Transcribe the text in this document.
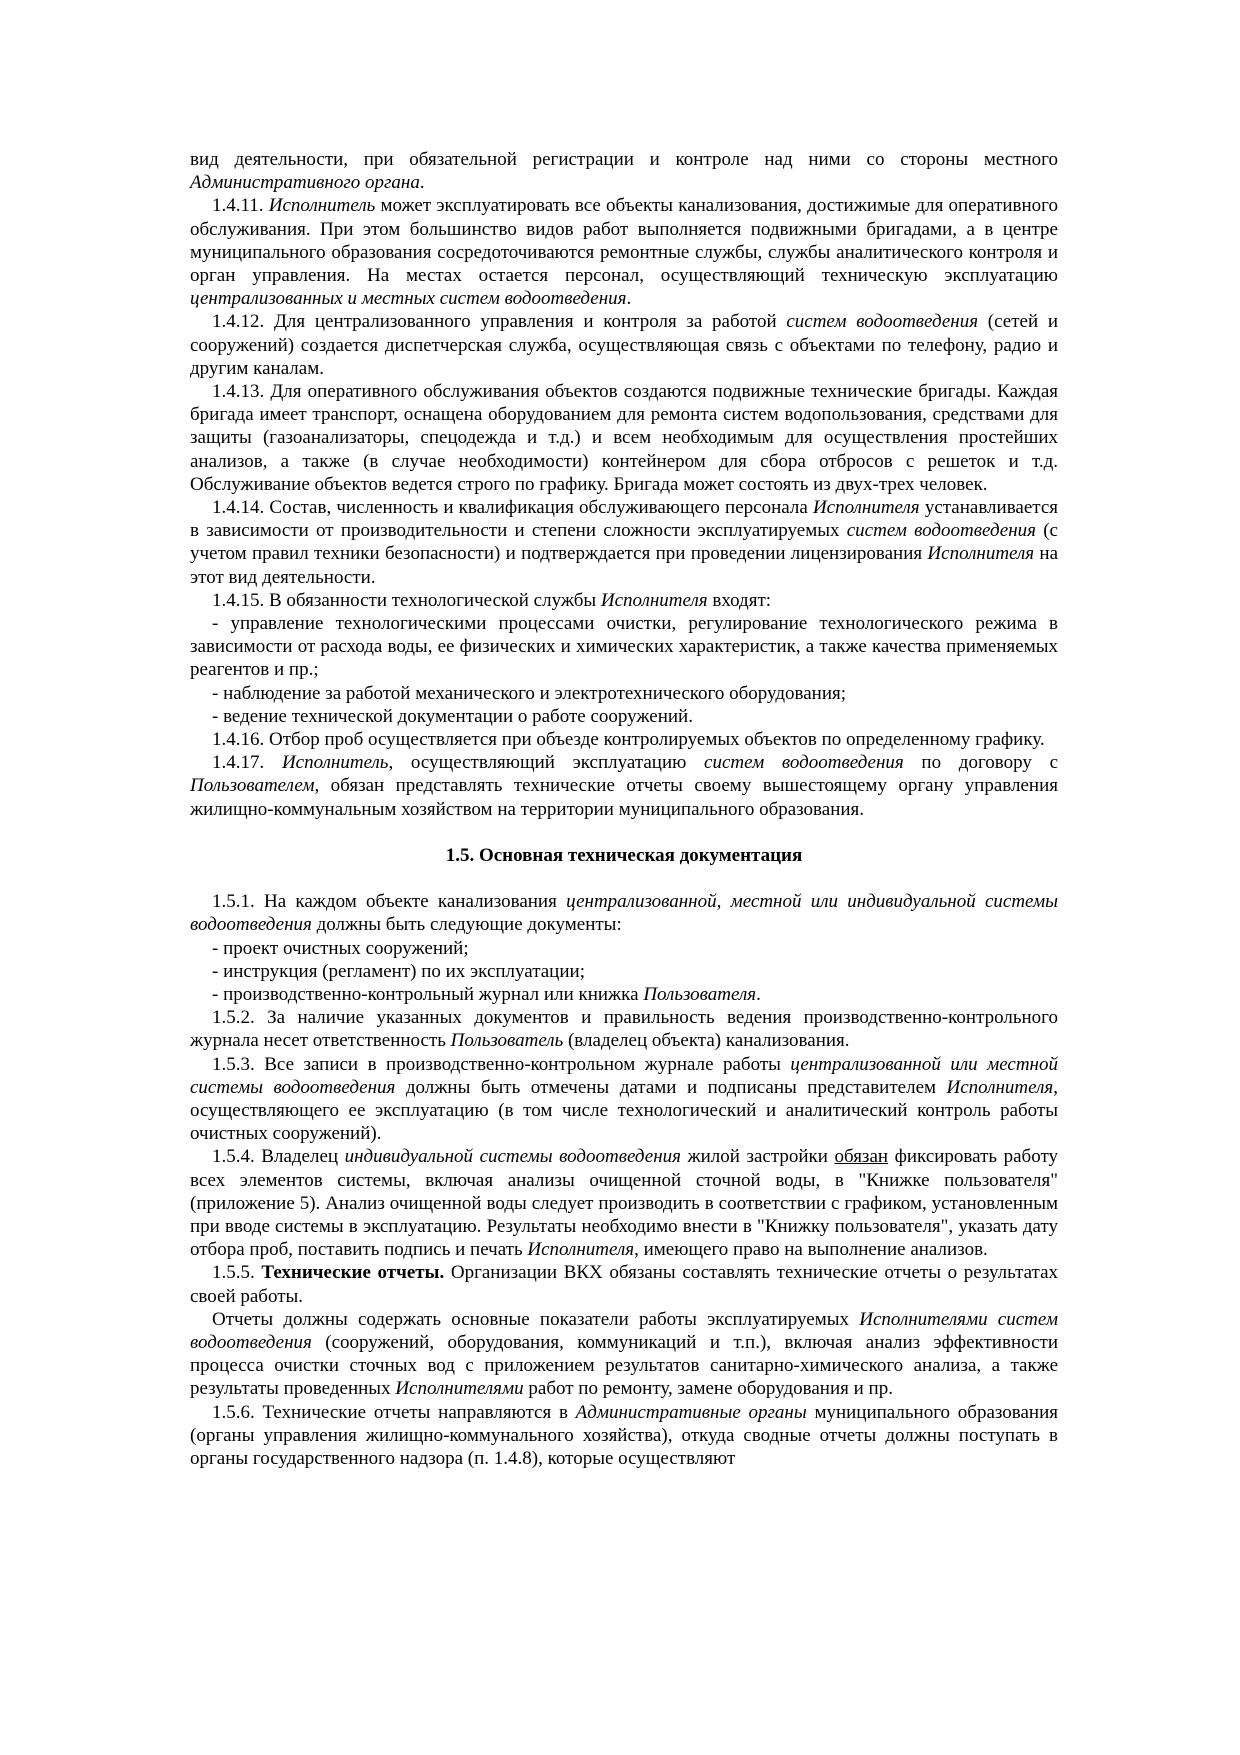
вид деятельности, при обязательной регистрации и контроле над ними со стороны местного Административного органа.

1.4.11. Исполнитель может эксплуатировать все объекты канализования, достижимые для оперативного обслуживания. При этом большинство видов работ выполняется подвижными бригадами, а в центре муниципального образования сосредоточиваются ремонтные службы, службы аналитического контроля и орган управления. На местах остается персонал, осуществляющий техническую эксплуатацию централизованных и местных систем водоотведения.

1.4.12. Для централизованного управления и контроля за работой систем водоотведения (сетей и сооружений) создается диспетчерская служба, осуществляющая связь с объектами по телефону, радио и другим каналам.

1.4.13. Для оперативного обслуживания объектов создаются подвижные технические бригады. Каждая бригада имеет транспорт, оснащена оборудованием для ремонта систем водопользования, средствами для защиты (газоанализаторы, спецодежда и т.д.) и всем необходимым для осуществления простейших анализов, а также (в случае необходимости) контейнером для сбора отбросов с решеток и т.д. Обслуживание объектов ведется строго по графику. Бригада может состоять из двух-трех человек.

1.4.14. Состав, численность и квалификация обслуживающего персонала Исполнителя устанавливается в зависимости от производительности и степени сложности эксплуатируемых систем водоотведения (с учетом правил техники безопасности) и подтверждается при проведении лицензирования Исполнителя на этот вид деятельности.

1.4.15. В обязанности технологической службы Исполнителя входят:

- управление технологическими процессами очистки, регулирование технологического режима в зависимости от расхода воды, ее физических и химических характеристик, а также качества применяемых реагентов и пр.;

- наблюдение за работой механического и электротехнического оборудования;

- ведение технической документации о работе сооружений.

1.4.16. Отбор проб осуществляется при объезде контролируемых объектов по определенному графику.

1.4.17. Исполнитель, осуществляющий эксплуатацию систем водоотведения по договору с Пользователем, обязан представлять технические отчеты своему вышестоящему органу управления жилищно-коммунальным хозяйством на территории муниципального образования.

1.5. Основная техническая документация

1.5.1. На каждом объекте канализования централизованной, местной или индивидуальной системы водоотведения должны быть следующие документы:

- проект очистных сооружений;

- инструкция (регламент) по их эксплуатации;

- производственно-контрольный журнал или книжка Пользователя.

1.5.2. За наличие указанных документов и правильность ведения производственно-контрольного журнала несет ответственность Пользователь (владелец объекта) канализования.

1.5.3. Все записи в производственно-контрольном журнале работы централизованной или местной системы водоотведения должны быть отмечены датами и подписаны представителем Исполнителя, осуществляющего ее эксплуатацию (в том числе технологический и аналитический контроль работы очистных сооружений).

1.5.4. Владелец индивидуальной системы водоотведения жилой застройки обязан фиксировать работу всех элементов системы, включая анализы очищенной сточной воды, в "Книжке пользователя" (приложение 5). Анализ очищенной воды следует производить в соответствии с графиком, установленным при вводе системы в эксплуатацию. Результаты необходимо внести в "Книжку пользователя", указать дату отбора проб, поставить подпись и печать Исполнителя, имеющего право на выполнение анализов.

1.5.5. Технические отчеты. Организации ВКХ обязаны составлять технические отчеты о результатах своей работы.

Отчеты должны содержать основные показатели работы эксплуатируемых Исполнителями систем водоотведения (сооружений, оборудования, коммуникаций и т.п.), включая анализ эффективности процесса очистки сточных вод с приложением результатов санитарно-химического анализа, а также результаты проведенных Исполнителями работ по ремонту, замене оборудования и пр.

1.5.6. Технические отчеты направляются в Административные органы муниципального образования (органы управления жилищно-коммунального хозяйства), откуда сводные отчеты должны поступать в органы государственного надзора (п. 1.4.8), которые осуществляют
